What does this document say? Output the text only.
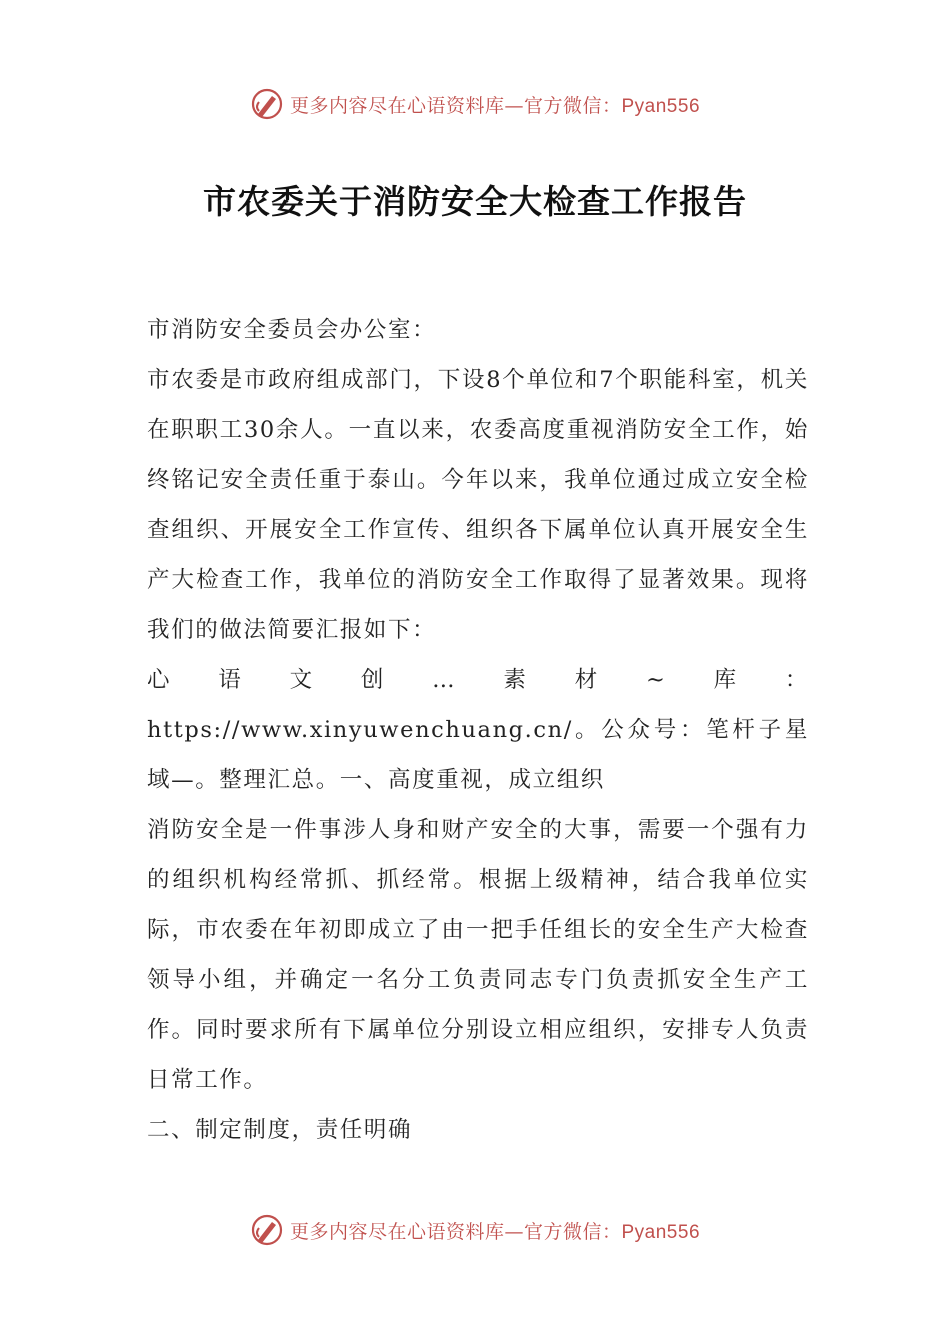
更多内容尽在心语资料库—官方微信：Pyan556
市农委关于消防安全大检查工作报告

市消防安全委员会办公室：

市农委是市政府组成部门，下设8个单位和7个职能科室，机关在职职工30余人。一直以来，农委高度重视消防安全工作，始终铭记安全责任重于泰山。今年以来，我单位通过成立安全检查组织、开展安全工作宣传、组织各下属单位认真开展安全生产大检查工作，我单位的消防安全工作取得了显著效果。现将我们的做法简要汇报如下：

心语文创…素材~库：https://www.xinyuwenchuang.cn/。公众号：笔杆子星域—。整理汇总。一、高度重视，成立组织

消防安全是一件事涉人身和财产安全的大事，需要一个强有力的组织机构经常抓、抓经常。根据上级精神，结合我单位实际，市农委在年初即成立了由一把手任组长的安全生产大检查领导小组，并确定一名分工负责同志专门负责抓安全生产工作。同时要求所有下属单位分别设立相应组织，安排专人负责日常工作。

二、制定制度，责任明确

更多内容尽在心语资料库—官方微信：Pyan556
